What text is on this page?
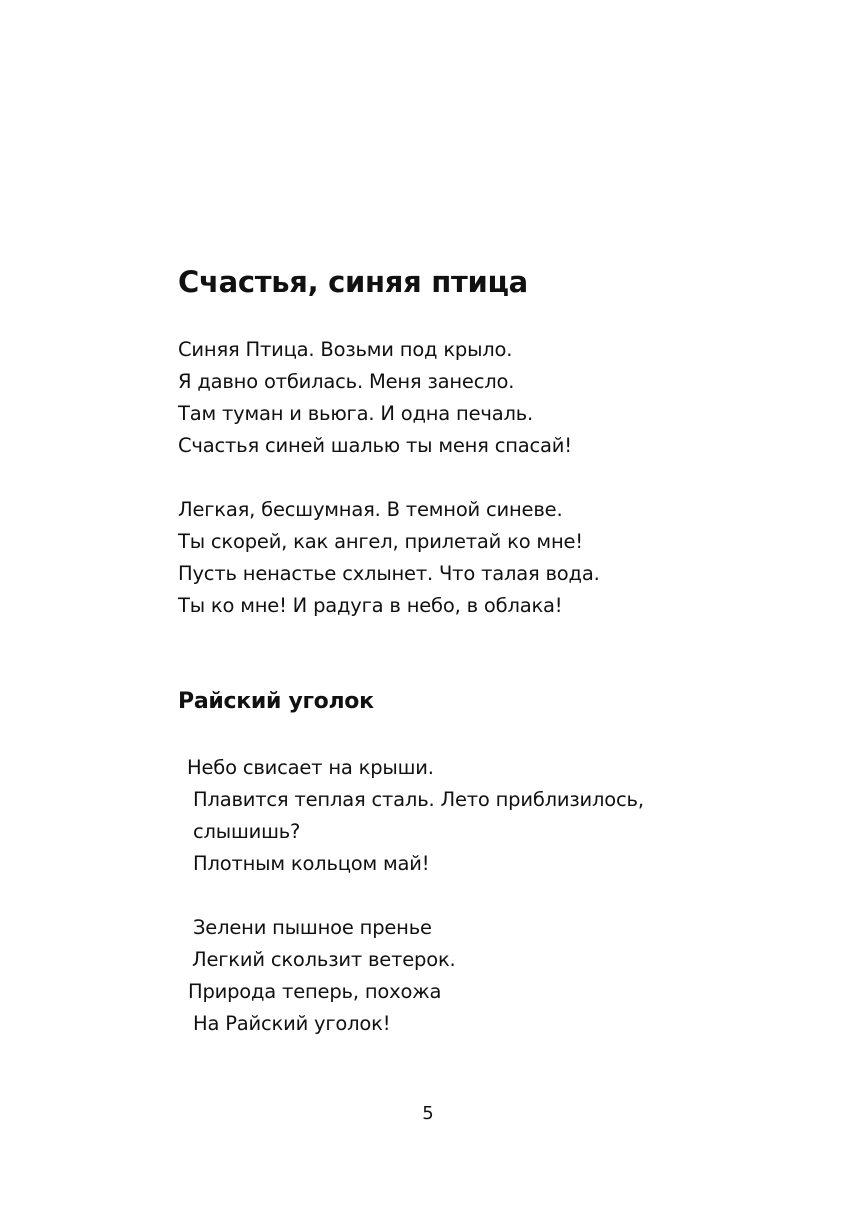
Счастья, синяя птица
Синяя Птица. Возьми под крыло.
Я давно отбилась. Меня занесло.
Там туман и вьюга. И одна печаль.
Счастья синей шалью ты меня спасай!
Легкая, бесшумная. В темной синеве.
Ты скорей, как ангел, прилетай ко мне!
Пусть ненастье схлынет. Что талая вода.
Ты ко мне! И радуга в небо, в облака!
Райский уголок
Небо свисает на крыши.
Плавится теплая сталь. Лето приблизилось,
слышишь?
Плотным кольцом май!
Зелени пышное пренье
Легкий скользит ветерок.
Природа теперь, похожа
На Райский уголок!
5
